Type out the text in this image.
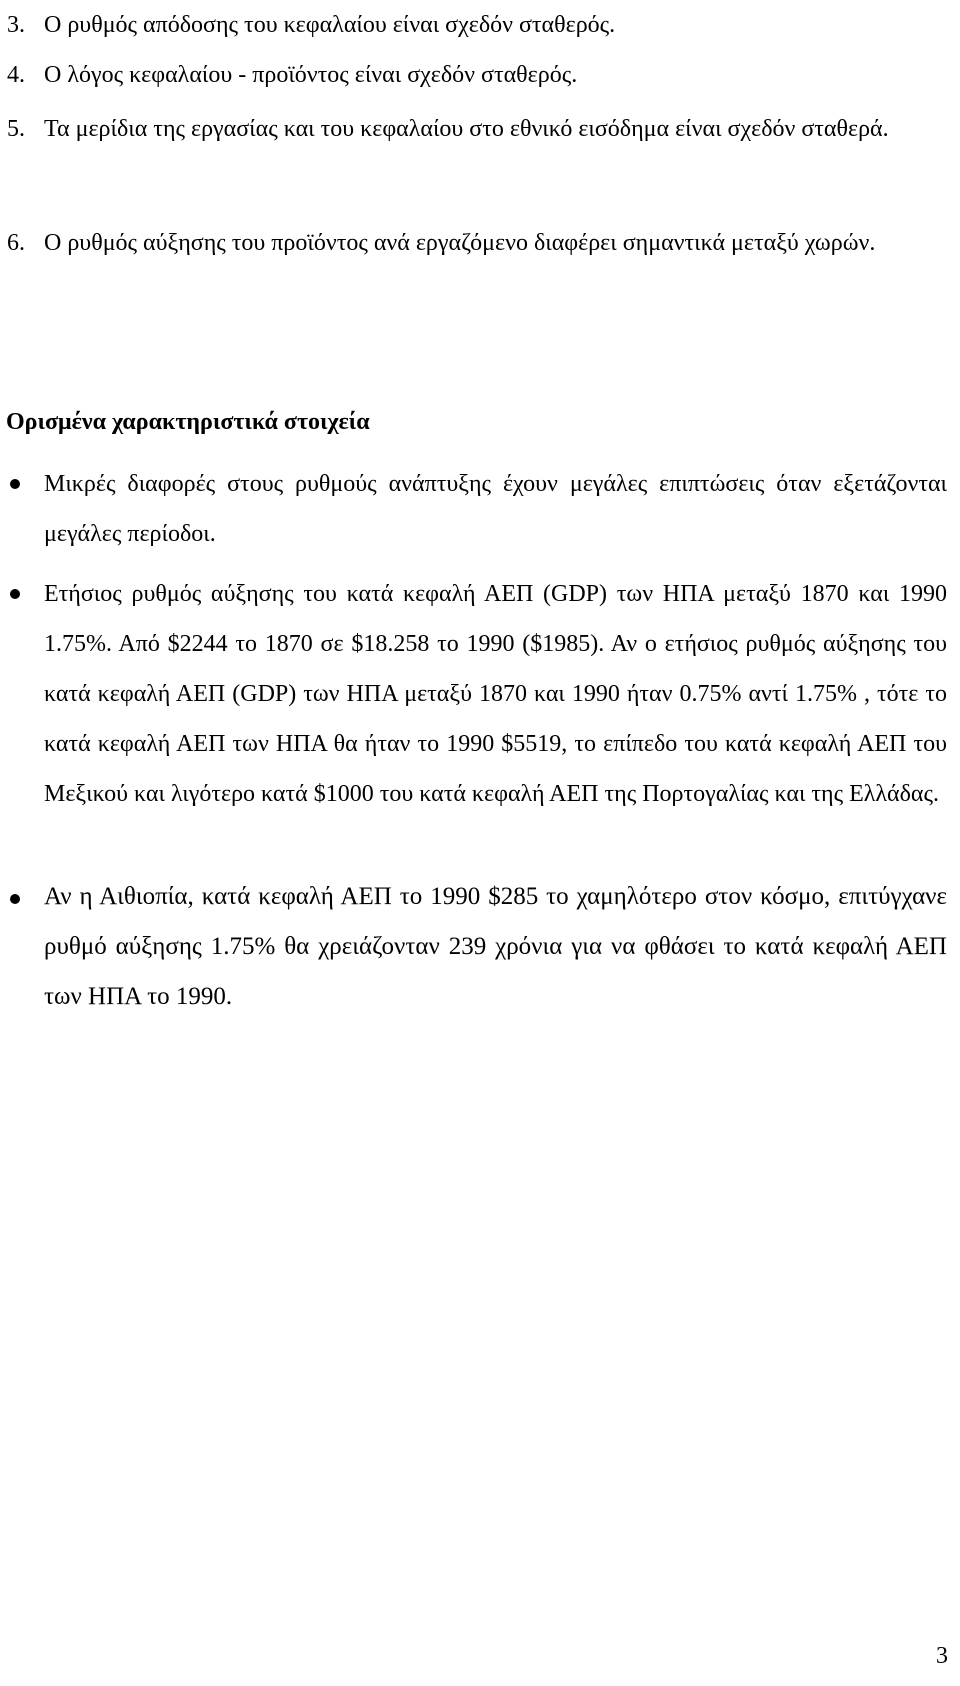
3. Ο ρυθμός απόδοσης του κεφαλαίου είναι σχεδόν σταθερός.
4. Ο λόγος κεφαλαίου - προϊόντος είναι σχεδόν σταθερός.
5. Τα μερίδια της εργασίας και του κεφαλαίου στο εθνικό εισόδημα είναι σχεδόν σταθερά.
6. Ο ρυθμός αύξησης του προϊόντος ανά εργαζόμενο διαφέρει σημαντικά μεταξύ χωρών.
Ορισμένα χαρακτηριστικά στοιχεία
Μικρές διαφορές στους ρυθμούς ανάπτυξης έχουν μεγάλες επιπτώσεις όταν εξετάζονται μεγάλες περίοδοι.
Ετήσιος ρυθμός αύξησης του κατά κεφαλή ΑΕΠ (GDP) των ΗΠΑ μεταξύ 1870 και 1990 1.75%. Από $2244 το 1870 σε $18.258 το 1990 ($1985). Αν ο ετήσιος ρυθμός αύξησης του κατά κεφαλή ΑΕΠ (GDP) των ΗΠΑ μεταξύ 1870 και 1990 ήταν 0.75% αντί 1.75% , τότε το κατά κεφαλή ΑΕΠ των ΗΠΑ θα ήταν το 1990 $5519, το επίπεδο του κατά κεφαλή ΑΕΠ του Μεξικού και λιγότερο κατά $1000 του κατά κεφαλή ΑΕΠ της Πορτογαλίας και της Ελλάδας.
Αν η Αιθιοπία, κατά κεφαλή ΑΕΠ το 1990 $285 το χαμηλότερο στον κόσμο, επιτύγχανε ρυθμό αύξησης 1.75% θα χρειάζονταν 239 χρόνια για να φθάσει το κατά κεφαλή ΑΕΠ των ΗΠΑ το 1990.
3
